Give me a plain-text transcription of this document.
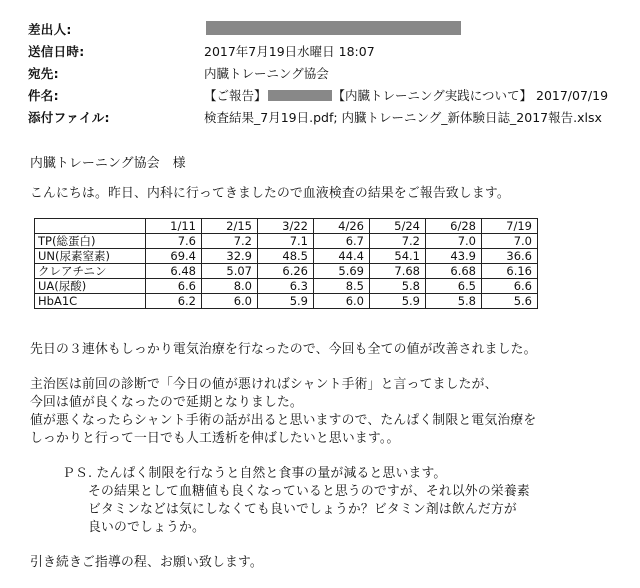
差出人:
送信日時:	2017年7月19日水曜日 18:07
宛先:	内臓トレーニング協会
件名:	【ご報告】	【内臓トレーニング実践について】 2017/07/19
添付ファイル:	検査結果_7月19日.pdf; 内臓トレーニング_新体験日誌_2017報告.xlsx
内臓トレーニング協会　様
こんにちは。昨日、内科に行ってきましたので血液検査の結果をご報告致します。
	1/11	2/15	3/22	4/26	5/24	6/28	7/19
TP(総蛋白)	7.6	7.2	7.1	6.7	7.2	7.0	7.0
UN(尿素窒素)	69.4	32.9	48.5	44.4	54.1	43.9	36.6
クレアチニン	6.48	5.07	6.26	5.69	7.68	6.68	6.16
UA(尿酸)	6.6	8.0	6.3	8.5	5.8	6.5	6.6
HbA1C	6.2	6.0	5.9	6.0	5.9	5.8	5.6
先日の３連休もしっかり電気治療を行なったので、今回も全ての値が改善されました。
主治医は前回の診断で「今日の値が悪ければシャント手術」と言ってましたが、
今回は値が良くなったので延期となりました。
値が悪くなったらシャント手術の話が出ると思いますので、たんぱく制限と電気治療を
しっかりと行って一日でも人工透析を伸ばしたいと思います。。
ＰＳ. たんぱく制限を行なうと自然と食事の量が減ると思います。
その結果として血糖値も良くなっていると思うのですが、それ以外の栄養素
ビタミンなどは気にしなくても良いでしょうか？ビタミン剤は飲んだ方が
良いのでしょうか。
引き続きご指導の程、お願い致します。
